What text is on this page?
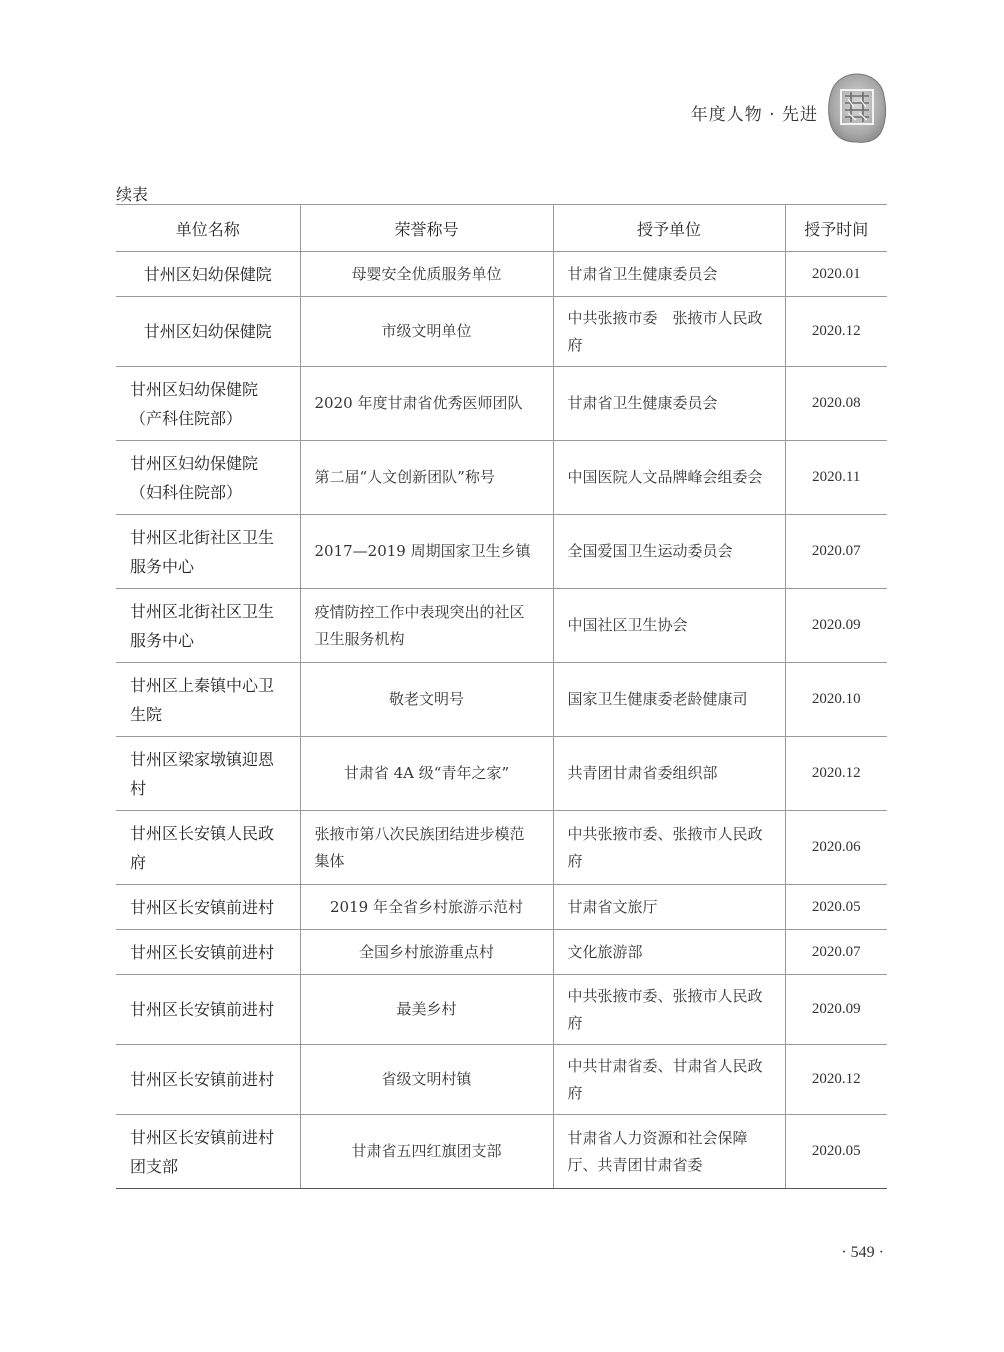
年度人物 · 先进
续表
单位名称	荣誉称号	授予单位	授予时间
甘州区妇幼保健院	母婴安全优质服务单位	甘肃省卫生健康委员会	2020.01
甘州区妇幼保健院	市级文明单位	中共张掖市委　张掖市人民政府	2020.12
甘州区妇幼保健院（产科住院部）	2020 年度甘肃省优秀医师团队	甘肃省卫生健康委员会	2020.08
甘州区妇幼保健院（妇科住院部）	第二届“人文创新团队”称号	中国医院人文品牌峰会组委会	2020.11
甘州区北街社区卫生服务中心	2017—2019 周期国家卫生乡镇	全国爱国卫生运动委员会	2020.07
甘州区北街社区卫生服务中心	疫情防控工作中表现突出的社区卫生服务机构	中国社区卫生协会	2020.09
甘州区上秦镇中心卫生院	敬老文明号	国家卫生健康委老龄健康司	2020.10
甘州区梁家墩镇迎恩村	甘肃省 4A 级“青年之家”	共青团甘肃省委组织部	2020.12
甘州区长安镇人民政府	张掖市第八次民族团结进步模范集体	中共张掖市委、张掖市人民政府	2020.06
甘州区长安镇前进村	2019 年全省乡村旅游示范村	甘肃省文旅厅	2020.05
甘州区长安镇前进村	全国乡村旅游重点村	文化旅游部	2020.07
甘州区长安镇前进村	最美乡村	中共张掖市委、张掖市人民政府	2020.09
甘州区长安镇前进村	省级文明村镇	中共甘肃省委、甘肃省人民政府	2020.12
甘州区长安镇前进村团支部	甘肃省五四红旗团支部	甘肃省人力资源和社会保障厅、共青团甘肃省委	2020.05
· 549 ·
